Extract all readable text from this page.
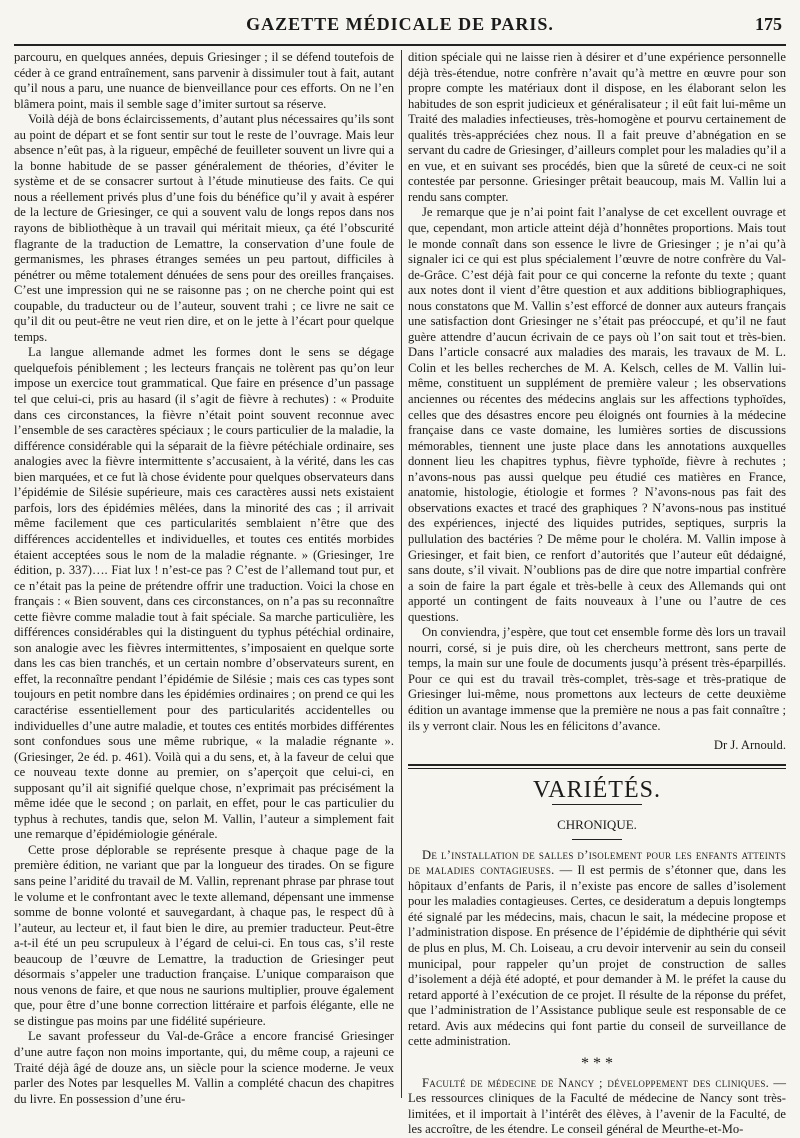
GAZETTE MÉDICALE DE PARIS.	175

parcouru, en quelques années, depuis Griesinger ; il se défend toutefois de céder à ce grand entraînement, sans parvenir à dissimuler tout à fait, autant qu’il nous a paru, une nuance de bienveillance pour ces efforts. On ne l’en blâmera point, mais il semble sage d’imiter surtout sa réserve.

Voilà déjà de bons éclaircissements, d’autant plus nécessaires qu’ils sont au point de départ et se font sentir sur tout le reste de l’ouvrage. Mais leur absence n’eût pas, à la rigueur, empêché de feuilleter souvent un livre qui a la bonne habitude de se passer généralement de théories, d’éviter le système et de se consacrer surtout à l’étude minutieuse des faits. Ce qui nous a réellement privés plus d’une fois du bénéfice qu’il y avait à espérer de la lecture de Griesinger, ce qui a souvent valu de longs repos dans nos rayons de bibliothèque à un travail qui méritait mieux, ça été l’obscurité flagrante de la traduction de Lemattre, la conservation d’une foule de germanismes, les phrases étranges semées un peu partout, difficiles à pénétrer ou même totalement dénuées de sens pour des oreilles françaises. C’est une impression qui ne se raisonne pas ; on ne cherche point qui est coupable, du traducteur ou de l’auteur, souvent trahi ; ce livre ne sait ce qu’il dit ou peut-être ne veut rien dire, et on le jette à l’écart pour quelque temps.

La langue allemande admet les formes dont le sens se dégage quelquefois péniblement ; les lecteurs français ne tolèrent pas qu’on leur impose un exercice tout grammatical. Que faire en présence d’un passage tel que celui-ci, pris au hasard (il s’agit de fièvre à rechutes) : « Produite dans ces circonstances, la fièvre n’était point souvent reconnue avec l’ensemble de ses caractères spéciaux ; le cours particulier de la maladie, la différence considérable qui la séparait de la fièvre pétéchiale ordinaire, ses analogies avec la fièvre intermittente s’accusaient, à la vérité, dans les cas bien marquées, et ce fut là chose évidente pour quelques observateurs dans l’épidémie de Silésie supérieure, mais ces caractères aussi nets existaient parfois, lors des épidémies mêlées, dans la minorité des cas ; il arrivait même facilement que ces particularités semblaient n’être que des différences accidentelles et individuelles, et toutes ces entités morbides étaient acceptées sous le nom de la maladie régnante. » (Griesinger, 1re édition, p. 337)…. Fiat lux ! n’est-ce pas ? C’est de l’allemand tout pur, et ce n’était pas la peine de prétendre offrir une traduction. Voici la chose en français : « Bien souvent, dans ces circonstances, on n’a pas su reconnaître cette fièvre comme maladie tout à fait spéciale. Sa marche particulière, les différences considérables qui la distinguent du typhus pétéchial ordinaire, son analogie avec les fièvres intermittentes, s’imposaient en quelque sorte dans les cas bien tranchés, et un certain nombre d’observateurs surent, en effet, la reconnaître pendant l’épidémie de Silésie ; mais ces cas types sont toujours en petit nombre dans les épidémies ordinaires ; on prend ce qui les caractérise essentiellement pour des particularités accidentelles ou individuelles d’une autre maladie, et toutes ces entités morbides différentes sont confondues sous une même rubrique, « la maladie régnante ». (Griesinger, 2e éd. p. 461). Voilà qui a du sens, et, à la faveur de celui que ce nouveau texte donne au premier, on s’aperçoit que celui-ci, en supposant qu’il ait signifié quelque chose, n’exprimait pas précisément la même idée que le second ; on parlait, en effet, pour le cas particulier du typhus à rechutes, tandis que, selon M. Vallin, l’auteur a simplement fait une remarque d’épidémiologie générale.

Cette prose déplorable se représente presque à chaque page de la première édition, ne variant que par la longueur des tirades. On se figure sans peine l’aridité du travail de M. Vallin, reprenant phrase par phrase tout le volume et le confrontant avec le texte allemand, dépensant une immense somme de bonne volonté et sauvegardant, à chaque pas, le respect dû à l’auteur, au lecteur et, il faut bien le dire, au premier traducteur. Peut-être a-t-il été un peu scrupuleux à l’égard de celui-ci. En tous cas, s’il reste beaucoup de l’œuvre de Lemattre, la traduction de Griesinger peut désormais s’appeler une traduction française. L’unique comparaison que nous venons de faire, et que nous ne saurions multiplier, prouve également que, pour être d’une bonne correction littéraire et parfois élégante, elle ne se distingue pas moins par une fidélité supérieure.

Le savant professeur du Val-de-Grâce a encore francisé Griesinger d’une autre façon non moins importante, qui, du même coup, a rajeuni ce Traité déjà âgé de douze ans, un siècle pour la science moderne. Je veux parler des Notes par lesquelles M. Vallin a complété chacun des chapitres du livre. En possession d’une éru-

dition spéciale qui ne laisse rien à désirer et d’une expérience personnelle déjà très-étendue, notre confrère n’avait qu’à mettre en œuvre pour son propre compte les matériaux dont il dispose, en les élaborant selon les habitudes de son esprit judicieux et généralisateur ; il eût fait lui-même un Traité des maladies infectieuses, très-homogène et pourvu certainement de qualités très-appréciées chez nous. Il a fait preuve d’abnégation en se servant du cadre de Griesinger, d’ailleurs complet pour les maladies qu’il a en vue, et en suivant ses procédés, bien que la sûreté de ceux-ci ne soit contestée par personne. Griesinger prêtait beaucoup, mais M. Vallin lui a rendu sans compter.

Je remarque que je n’ai point fait l’analyse de cet excellent ouvrage et que, cependant, mon article atteint déjà d’honnêtes proportions. Mais tout le monde connaît dans son essence le livre de Griesinger ; je n’ai qu’à signaler ici ce qui est plus spécialement l’œuvre de notre confrère du Val-de-Grâce. C’est déjà fait pour ce qui concerne la refonte du texte ; quant aux notes dont il vient d’être question et aux additions bibliographiques, nous constatons que M. Vallin s’est efforcé de donner aux auteurs français une satisfaction dont Griesinger ne s’était pas préoccupé, et qu’il ne faut guère attendre d’aucun écrivain de ce pays où l’on sait tout et très-bien. Dans l’article consacré aux maladies des marais, les travaux de M. L. Colin et les belles recherches de M. A. Kelsch, celles de M. Vallin lui-même, constituent un supplément de première valeur ; les observations anciennes ou récentes des médecins anglais sur les affections typhoïdes, celles que des désastres encore peu éloignés ont fournies à la médecine française dans ce vaste domaine, les lumières sorties de discussions mémorables, tiennent une juste place dans les annotations auxquelles donnent lieu les chapitres typhus, fièvre typhoïde, fièvre à rechutes ; n’avons-nous pas aussi quelque peu étudié ces matières en France, anatomie, histologie, étiologie et formes ? N’avons-nous pas fait des observations exactes et tracé des graphiques ? N’avons-nous pas institué des expériences, injecté des liquides putrides, septiques, surpris la pullulation des bactéries ? De même pour le choléra. M. Vallin impose à Griesinger, et fait bien, ce renfort d’autorités que l’auteur eût dédaigné, sans doute, s’il vivait. N’oublions pas de dire que notre impartial confrère a soin de faire la part égale et très-belle à ceux des Allemands qui ont apporté un contingent de faits nouveaux à l’une ou l’autre de ces questions.

On conviendra, j’espère, que tout cet ensemble forme dès lors un travail nourri, corsé, si je puis dire, où les chercheurs mettront, sans perte de temps, la main sur une foule de documents jusqu’à présent très-éparpillés. Pour ce qui est du travail très-complet, très-sage et très-pratique de Griesinger lui-même, nous promettons aux lecteurs de cette deuxième édition un avantage immense que la première ne nous a pas fait connaître ; ils y verront clair. Nous les en félicitons d’avance.

Dr J. Arnould.
VARIÉTÉS.
CHRONIQUE.

De l’installation de salles d’isolement pour les enfants atteints de maladies contagieuses. — Il est permis de s’étonner que, dans les hôpitaux d’enfants de Paris, il n’existe pas encore de salles d’isolement pour les maladies contagieuses. Certes, ce desideratum a depuis longtemps été signalé par les médecins, mais, chacun le sait, la médecine propose et l’administration dispose. En présence de l’épidémie de diphthérie qui sévit de plus en plus, M. Ch. Loiseau, a cru devoir intervenir au sein du conseil municipal, pour rappeler qu’un projet de construction de salles d’isolement a déjà été adopté, et pour demander à M. le préfet la cause du retard apporté à l’exécution de ce projet. Il résulte de la réponse du préfet, que l’administration de l’Assistance publique seule est responsable de ce retard. Avis aux médecins qui font partie du conseil de surveillance de cette administration.

* * *

Faculté de médecine de Nancy ; développement des cliniques. — Les ressources cliniques de la Faculté de médecine de Nancy sont très-limitées, et il importait à l’intérêt des élèves, à l’avenir de la Faculté, de les accroître, de les étendre. Le conseil général de Meurthe-et-Mo-
